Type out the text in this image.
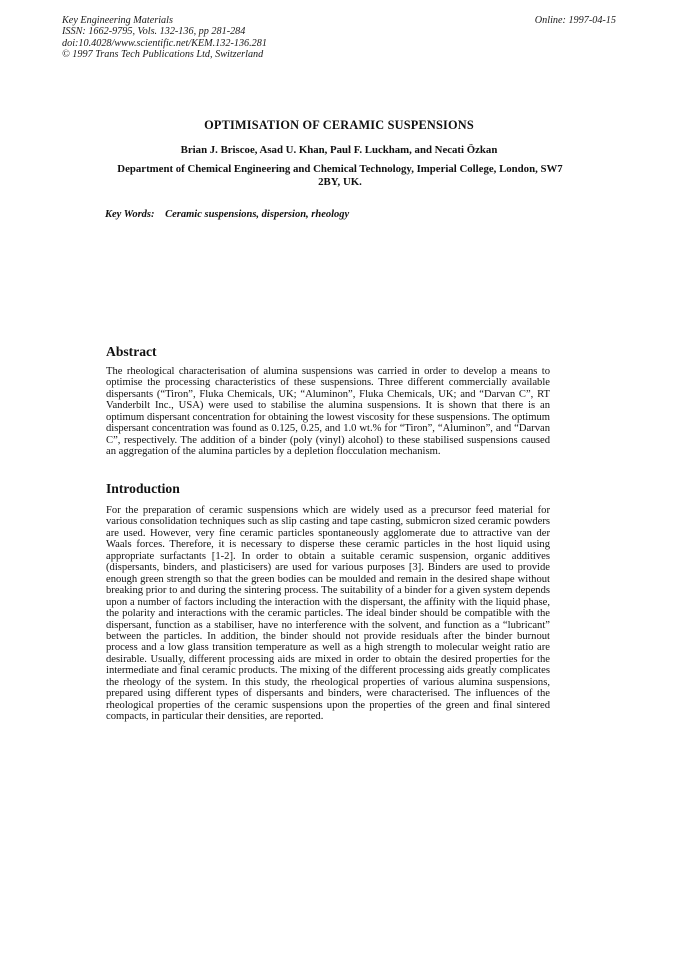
Key Engineering Materials
ISSN: 1662-9795, Vols. 132-136, pp 281-284
doi:10.4028/www.scientific.net/KEM.132-136.281
© 1997 Trans Tech Publications Ltd, Switzerland
Online: 1997-04-15
OPTIMISATION OF CERAMIC SUSPENSIONS
Brian J. Briscoe, Asad U. Khan, Paul F. Luckham, and Necati Özkan
Department of Chemical Engineering and Chemical Technology, Imperial College, London, SW7 2BY, UK.
Key Words: Ceramic suspensions, dispersion, rheology
Abstract
The rheological characterisation of alumina suspensions was carried in order to develop a means to optimise the processing characteristics of these suspensions. Three different commercially available dispersants (“Tiron”, Fluka Chemicals, UK; “Aluminon”, Fluka Chemicals, UK; and “Darvan C”, RT Vanderbilt Inc., USA) were used to stabilise the alumina suspensions. It is shown that there is an optimum dispersant concentration for obtaining the lowest viscosity for these suspensions. The optimum dispersant concentration was found as 0.125, 0.25, and 1.0 wt.% for “Tiron”, “Aluminon”, and “Darvan C”, respectively. The addition of a binder (poly (vinyl) alcohol) to these stabilised suspensions caused an aggregation of the alumina particles by a depletion flocculation mechanism.
Introduction
For the preparation of ceramic suspensions which are widely used as a precursor feed material for various consolidation techniques such as slip casting and tape casting, submicron sized ceramic powders are used. However, very fine ceramic particles spontaneously agglomerate due to attractive van der Waals forces. Therefore, it is necessary to disperse these ceramic particles in the host liquid using appropriate surfactants [1-2]. In order to obtain a suitable ceramic suspension, organic additives (dispersants, binders, and plasticisers) are used for various purposes [3]. Binders are used to provide enough green strength so that the green bodies can be moulded and remain in the desired shape without breaking prior to and during the sintering process. The suitability of a binder for a given system depends upon a number of factors including the interaction with the dispersant, the affinity with the liquid phase, the polarity and interactions with the ceramic particles. The ideal binder should be compatible with the dispersant, function as a stabiliser, have no interference with the solvent, and function as a “lubricant” between the particles. In addition, the binder should not provide residuals after the binder burnout process and a low glass transition temperature as well as a high strength to molecular weight ratio are desirable. Usually, different processing aids are mixed in order to obtain the desired properties for the intermediate and final ceramic products. The mixing of the different processing aids greatly complicates the rheology of the system. In this study, the rheological properties of various alumina suspensions, prepared using different types of dispersants and binders, were characterised. The influences of the rheological properties of the ceramic suspensions upon the properties of the green and final sintered compacts, in particular their densities, are reported.
